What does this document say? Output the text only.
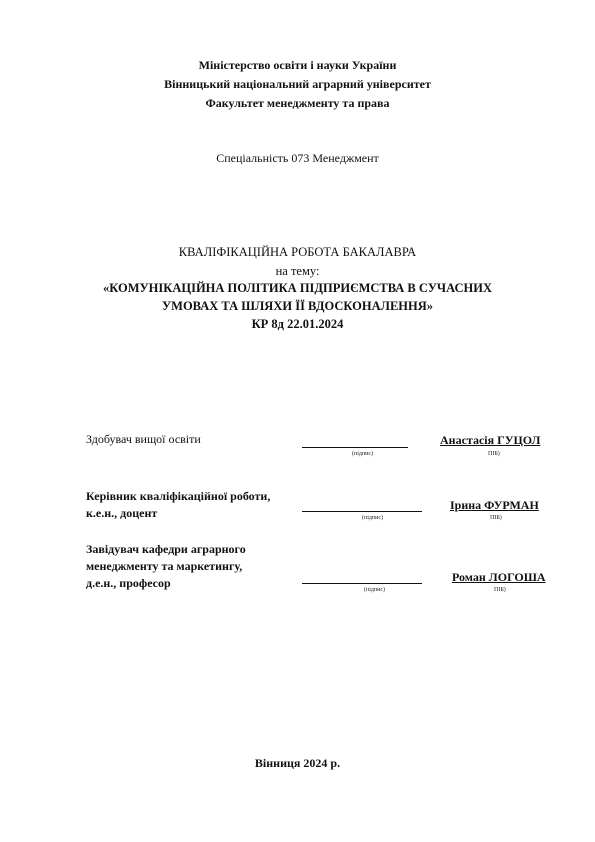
Міністерство освіти і науки України
Вінницький національний аграрний університет
Факультет менеджменту та права
Спеціальність 073 Менеджмент
КВАЛІФІКАЦІЙНА РОБОТА БАКАЛАВРА
на тему:
«КОМУНІКАЦІЙНА ПОЛІТИКА ПІДПРИЄМСТВА В СУЧАСНИХ
УМОВАХ ТА ШЛЯХИ ЇЇ ВДОСКОНАЛЕННЯ»
КР 8д 22.01.2024
Здобувач вищої освіти
(підпис)
Анастасія ГУЦОЛ
ПІБ)
Керівник кваліфікаційної роботи,
к.е.н., доцент	(підпис)
Ірина ФУРМАН
ПІБ)
Завідувач кафедри аграрного
менеджменту та маркетингу,
д.е.н., професор	(підпис)
Роман ЛОГОША
ПІБ)
Вінниця 2024 р.
